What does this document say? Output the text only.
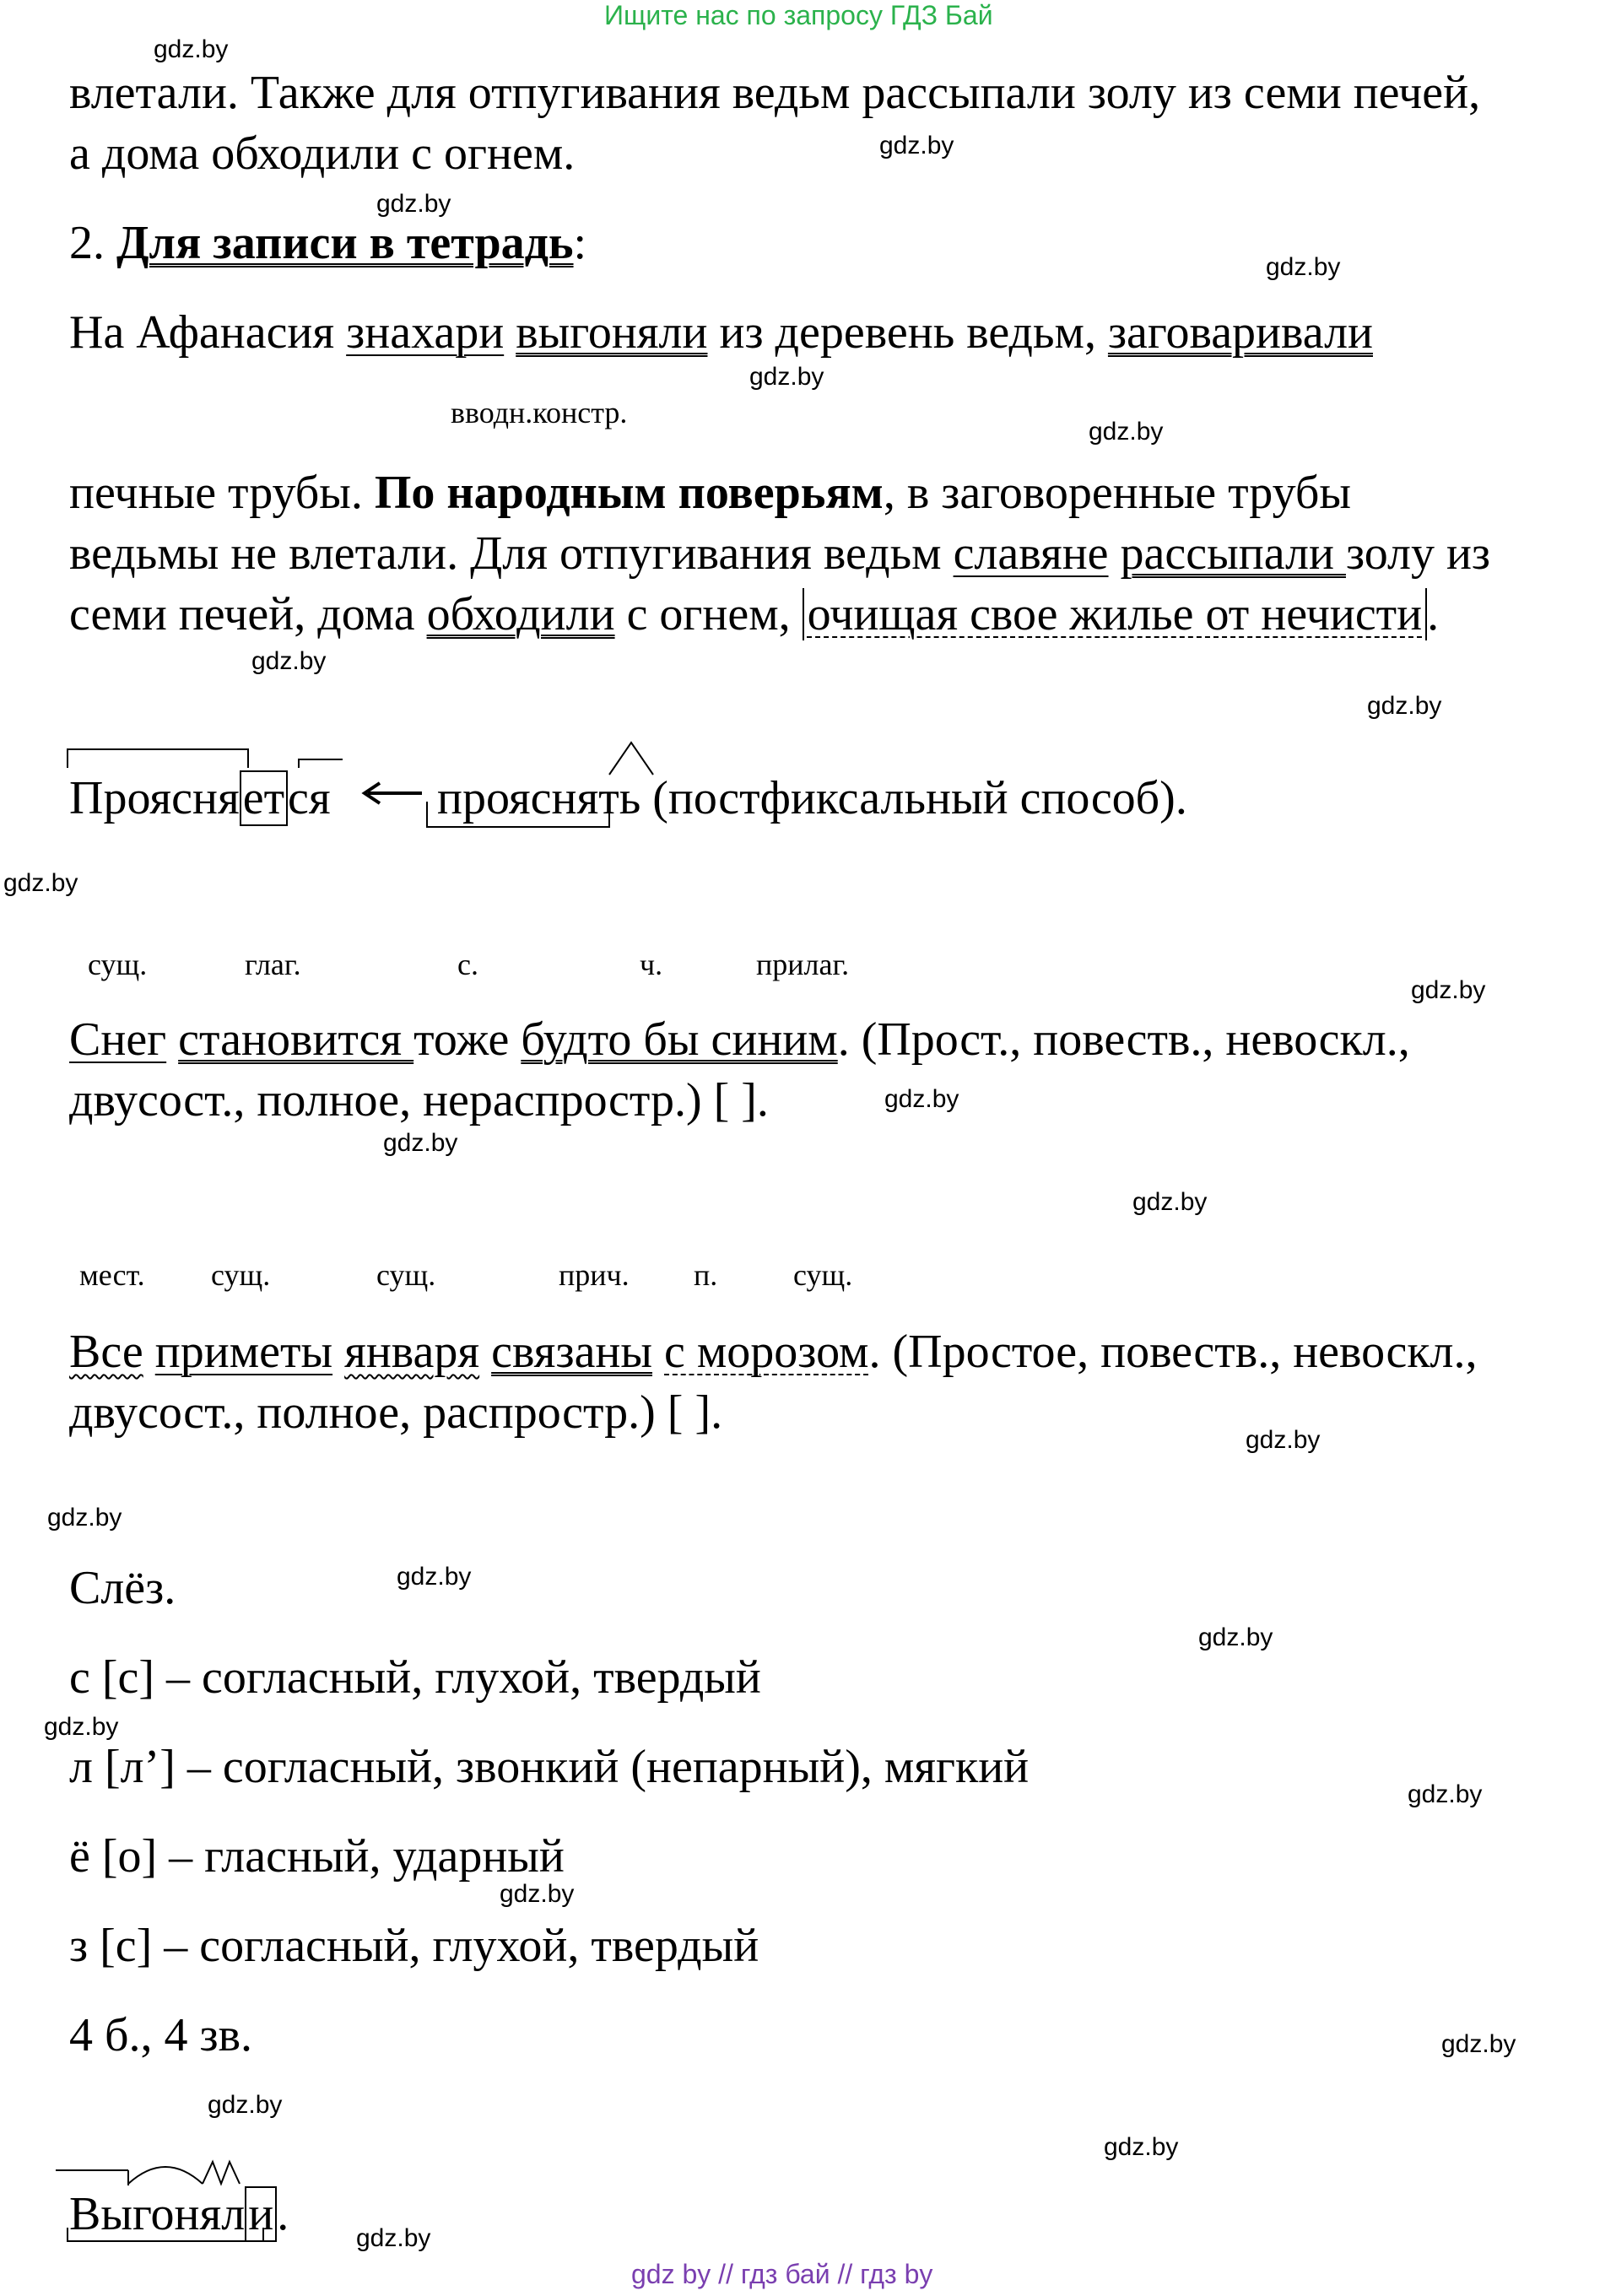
Ищите нас по запросу ГДЗ Бай
gdz by // гдз бай // гдз by
gdz.by
gdz.by
gdz.by
gdz.by
gdz.by
gdz.by
gdz.by
gdz.by
gdz.by
gdz.by
gdz.by
gdz.by
gdz.by
gdz.by
gdz.by
gdz.by
gdz.by
gdz.by
gdz.by
gdz.by
gdz.by
gdz.by
gdz.by
gdz.by
влетали. Также для отпугивания ведьм рассыпали золу из семи печей,
а дома обходили с огнем.
2. Для записи в тетрадь:
На Афанасия знахари выгоняли из деревень ведьм, заговаривали
вводн.констр.
печные трубы. По народным поверьям, в заговоренные трубы
ведьмы не влетали. Для отпугивания ведьм славяне рассыпали золу из
семи печей, дома обходили с огнем, очищая свое жилье от нечисти .
Проясняется прояснять (постфиксальный способ).
сущ.	глаг.	с.	ч.	прилаг.
Снег становится тоже будто бы синим. (Прост., повеств., невоскл.,
двусост., полное, нераспростр.) [ ].
мест. сущ.	сущ.	прич. п. сущ.
Все приметы января связаны с морозом. (Простое, повеств., невоскл.,
двусост., полное, распростр.) [ ].
Слёз.
с [с] – согласный, глухой, твердый
л [л’] – согласный, звонкий (непарный), мягкий
ё [о] – гласный, ударный
з [с] – согласный, глухой, твердый
4 б., 4 зв.
Выгоняли.
